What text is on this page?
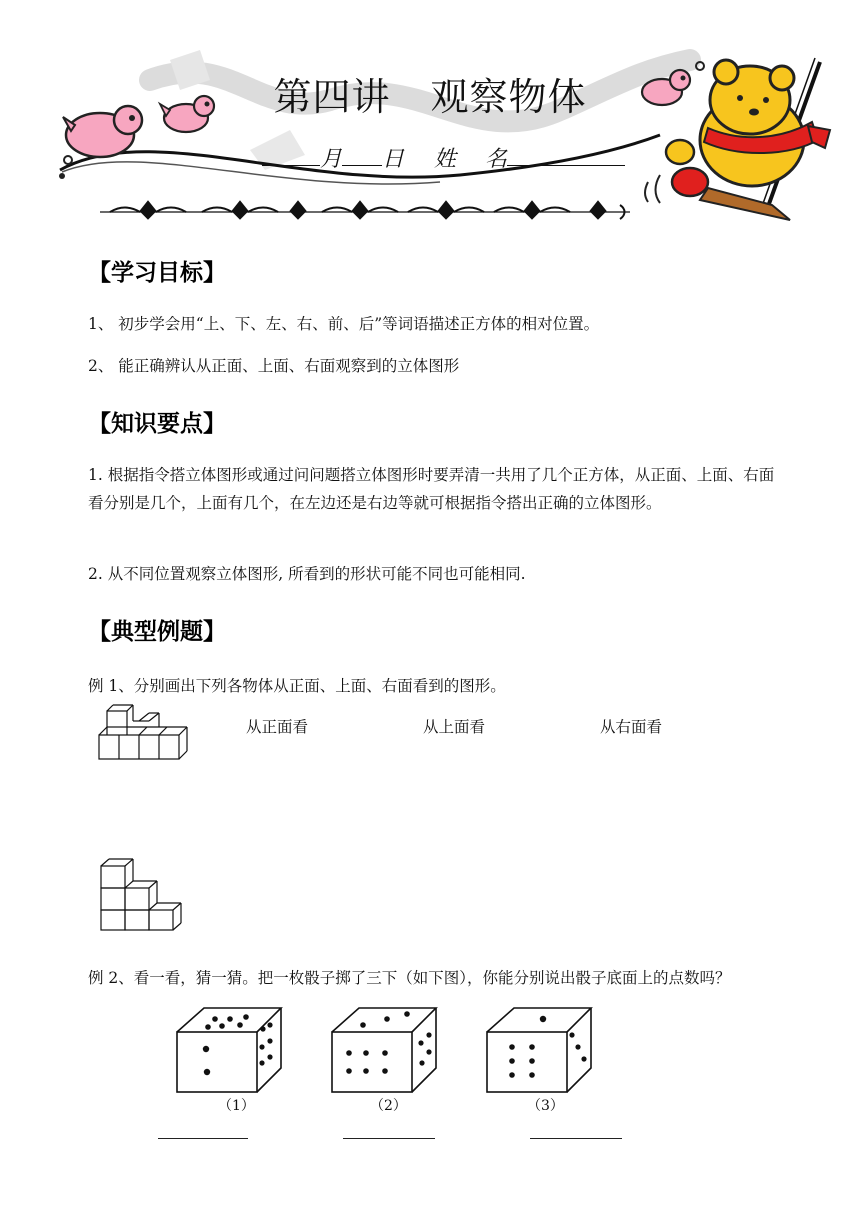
第四讲 观察物体
月 日 姓　 名
【学习目标】
1、 初步学会用“上、下、左、右、前、后”等词语描述正方体的相对位置。
2、 能正确辨认从正面、上面、右面观察到的立体图形
【知识要点】
1. 根据指令搭立体图形或通过问问题搭立体图形时要弄清一共用了几个正方体，从正面、上面、右面看分别是几个，上面有几个，在左边还是右边等就可根据指令搭出正确的立体图形。
2. 从不同位置观察立体图形, 所看到的形状可能不同也可能相同.
【典型例题】
例 1、分别画出下列各物体从正面、上面、右面看到的图形。
从正面看	从上面看	从右面看
例 2、看一看，猜一猜。把一枚骰子掷了三下（如下图），你能分别说出骰子底面上的点数吗？
（1）	（2）	（3）
